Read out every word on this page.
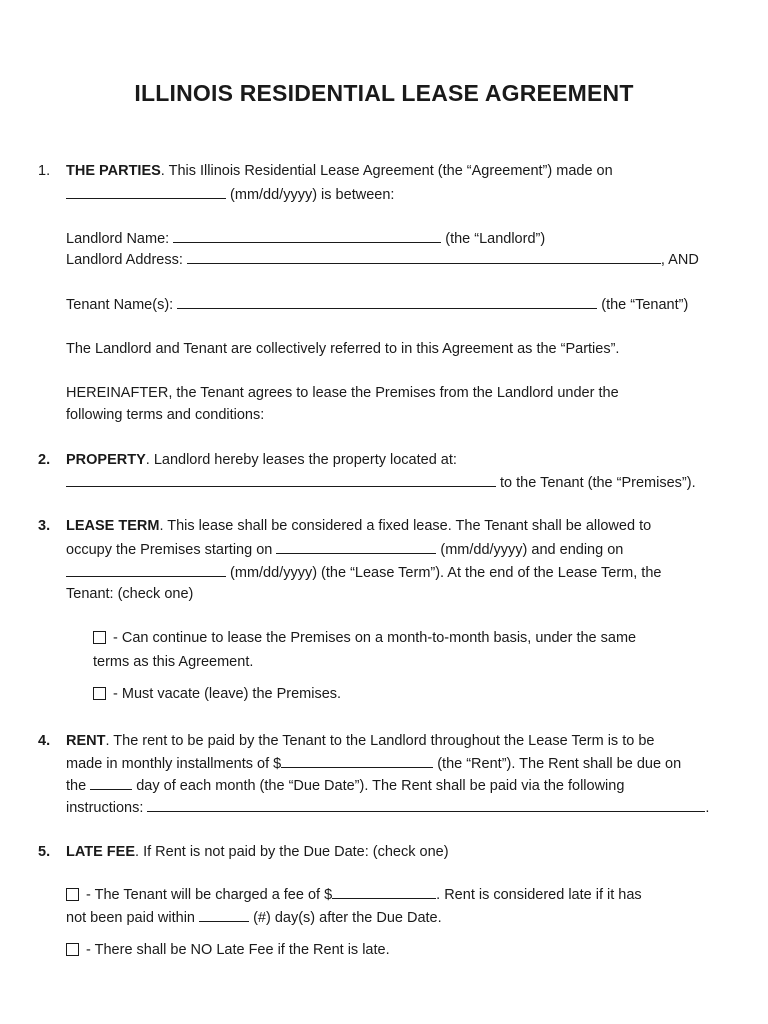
ILLINOIS RESIDENTIAL LEASE AGREEMENT
1. THE PARTIES. This Illinois Residential Lease Agreement (the “Agreement”) made on
(mm/dd/yyyy) is between:
Landlord Name:	(the “Landlord”)
Landlord Address:	, AND
Tenant Name(s):	(the “Tenant”)
The Landlord and Tenant are collectively referred to in this Agreement as the “Parties”.
HEREINAFTER, the Tenant agrees to lease the Premises from the Landlord under the
following terms and conditions:
2. PROPERTY. Landlord hereby leases the property located at:
to the Tenant (the “Premises”).
3. LEASE TERM. This lease shall be considered a fixed lease. The Tenant shall be allowed to
occupy the Premises starting on	(mm/dd/yyyy) and ending on
(mm/dd/yyyy) (the “Lease Term”). At the end of the Lease Term, the
Tenant: (check one)
- Can continue to lease the Premises on a month-to-month basis, under the same
terms as this Agreement.
- Must vacate (leave) the Premises.
4. RENT. The rent to be paid by the Tenant to the Landlord throughout the Lease Term is to be
made in monthly installments of $	(the “Rent”). The Rent shall be due on
the	day of each month (the “Due Date”). The Rent shall be paid via the following
instructions:	.
5. LATE FEE. If Rent is not paid by the Due Date: (check one)
- The Tenant will be charged a fee of $	. Rent is considered late if it has
not been paid within	(#) day(s) after the Due Date.
- There shall be NO Late Fee if the Rent is late.
